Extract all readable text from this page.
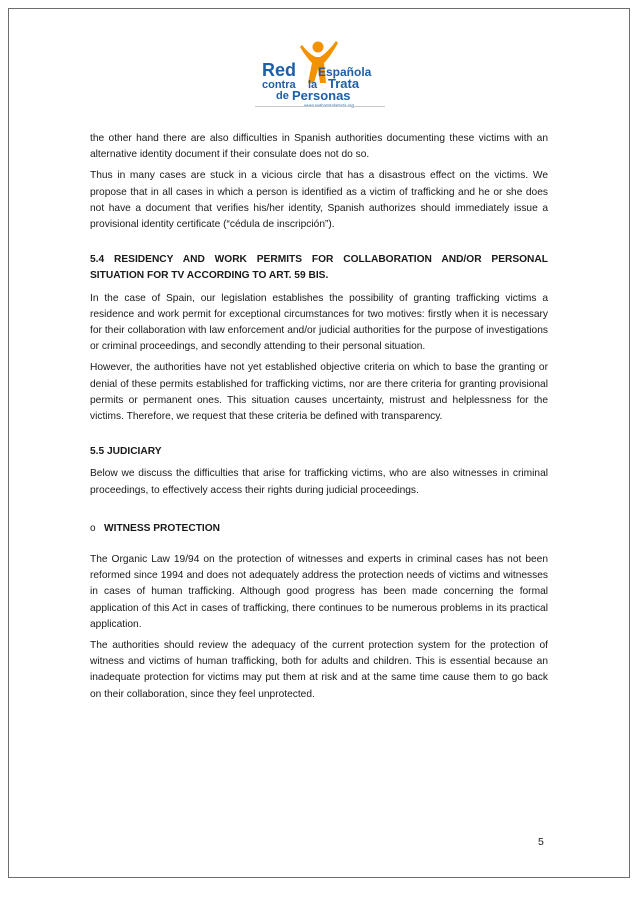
Red
contra
de
Española
la Trata
Personas

the other hand there are also difficulties in Spanish authorities documenting these victims with an alternative identity document if their consulate does not do so.

Thus in many cases are stuck in a vicious circle that has a disastrous effect on the victims. We propose that in all cases in which a person is identified as a victim of trafficking and he or she does not have a document that verifies his/her identity, Spanish authorizes should immediately issue a provisional identity certificate (“cédula de inscripción”).

5.4 RESIDENCY AND WORK PERMITS FOR COLLABORATION AND/OR PERSONAL SITUATION FOR TV ACCORDING TO ART. 59 BIS.

In the case of Spain, our legislation establishes the possibility of granting trafficking victims a residence and work permit for exceptional circumstances for two motives: firstly when it is necessary for their collaboration with law enforcement and/or judicial authorities for the purpose of investigations or criminal proceedings, and secondly attending to their personal situation.

However, the authorities have not yet established objective criteria on which to base the granting or denial of these permits established for trafficking victims, nor are there criteria for granting provisional permits or permanent ones. This situation causes uncertainty, mistrust and helplessness for the victims. Therefore, we request that these criteria be defined with transparency.

5.5 JUDICIARY

Below we discuss the difficulties that arise for trafficking victims, who are also witnesses in criminal proceedings, to effectively access their rights during judicial proceedings.

o WITNESS PROTECTION

The Organic Law 19/94 on the protection of witnesses and experts in criminal cases has not been reformed since 1994 and does not adequately address the protection needs of victims and witnesses in cases of human trafficking. Although good progress has been made concerning the formal application of this Act in cases of trafficking, there continues to be numerous problems in its practical application.

The authorities should review the adequacy of the current protection system for the protection of witness and victims of human trafficking, both for adults and children. This is essential because an inadequate protection for victims may put them at risk and at the same time cause them to go back on their collaboration, since they feel unprotected.

5
